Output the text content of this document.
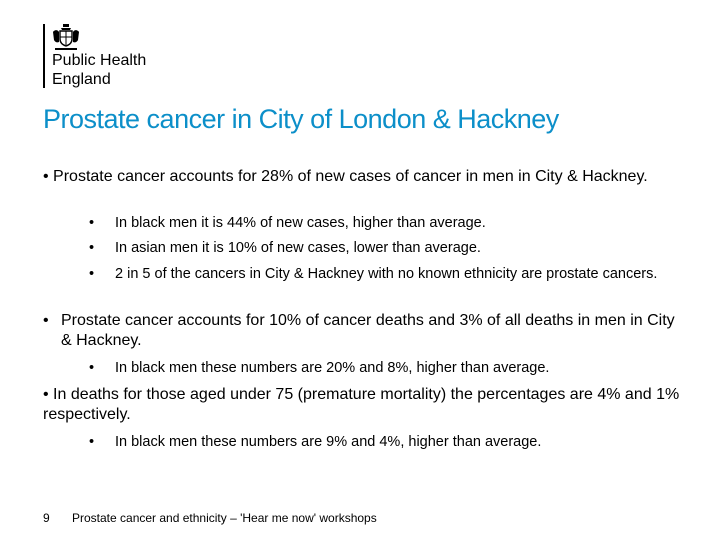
Public Health
England
Prostate cancer in City of London & Hackney
• Prostate cancer accounts for 28% of new cases of cancer in men in City & Hackney.
• In black men it is 44% of new cases, higher than average.
• In asian men it is 10% of new cases, lower than average.
• 2 in 5 of the cancers in City & Hackney with no known ethnicity are prostate cancers.
• Prostate cancer accounts for 10% of cancer deaths and 3% of all deaths in men in City & Hackney.
• In black men these numbers are 20% and 8%, higher than average.
• In deaths for those aged under 75 (premature mortality) the percentages are 4% and 1% respectively.
• In black men these numbers are 9% and 4%, higher than average.
9 Prostate cancer and ethnicity – 'Hear me now' workshops
